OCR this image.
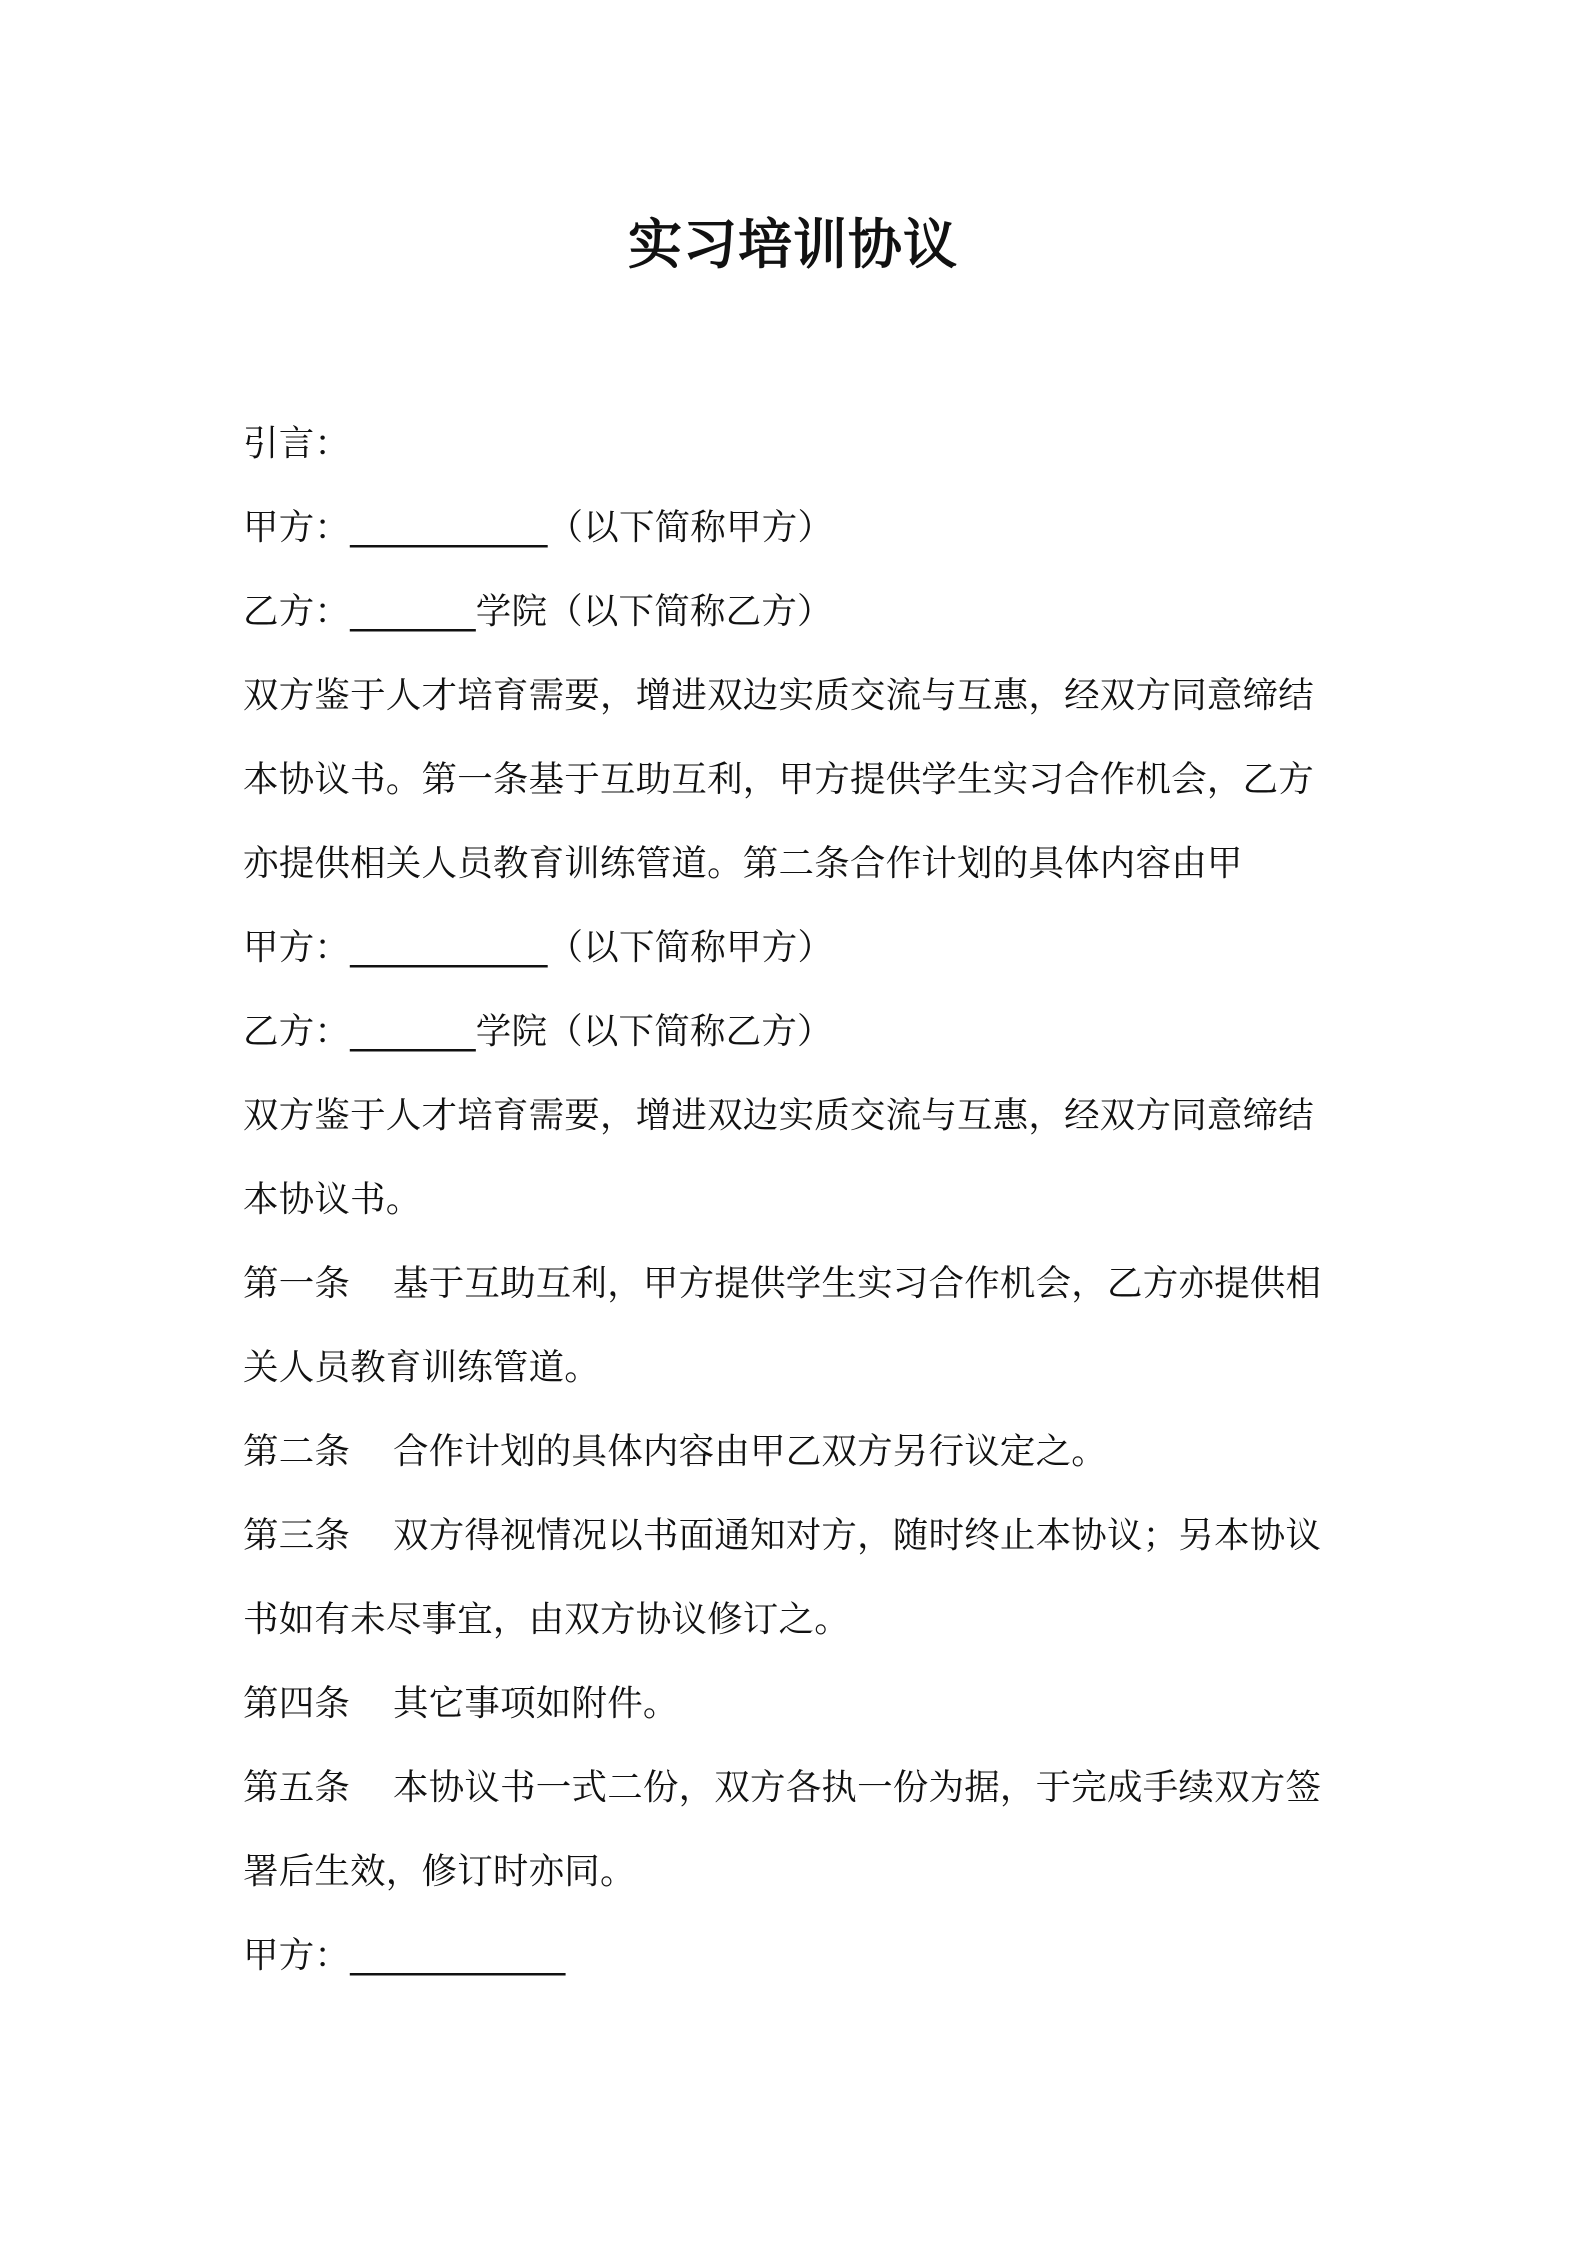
实习培训协议
引言：
甲方：___________（以下简称甲方）
乙方：_______学院（以下简称乙方）
双方鉴于人才培育需要，增进双边实质交流与互惠，经双方同意缔结
本协议书。第一条基于互助互利，甲方提供学生实习合作机会，乙方
亦提供相关人员教育训练管道。第二条合作计划的具体内容由甲
甲方：___________（以下简称甲方）
乙方：_______学院（以下简称乙方）
双方鉴于人才培育需要，增进双边实质交流与互惠，经双方同意缔结
本协议书。
第一条 基于互助互利，甲方提供学生实习合作机会，乙方亦提供相
关人员教育训练管道。
第二条 合作计划的具体内容由甲乙双方另行议定之。
第三条 双方得视情况以书面通知对方，随时终止本协议；另本协议
书如有未尽事宜，由双方协议修订之。
第四条 其它事项如附件。
第五条 本协议书一式二份，双方各执一份为据，于完成手续双方签
署后生效，修订时亦同。
甲方：____________
